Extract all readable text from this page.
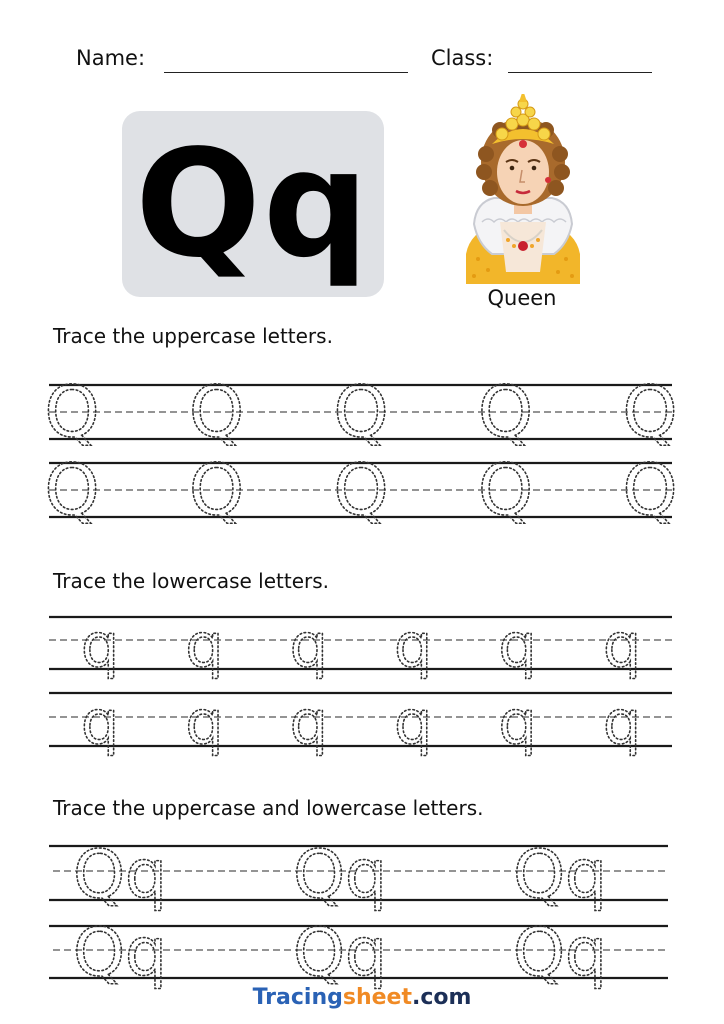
Name:	Class:
Qq
Queen
Trace the uppercase letters.
Trace the lowercase letters.
Trace the uppercase and lowercase letters.
Q Q Q Q Q
Q Q Q Q Q
q q q q q q
q q q q q q
Qq Qq Qq
Qq Qq Qq
Tracingsheet.com
